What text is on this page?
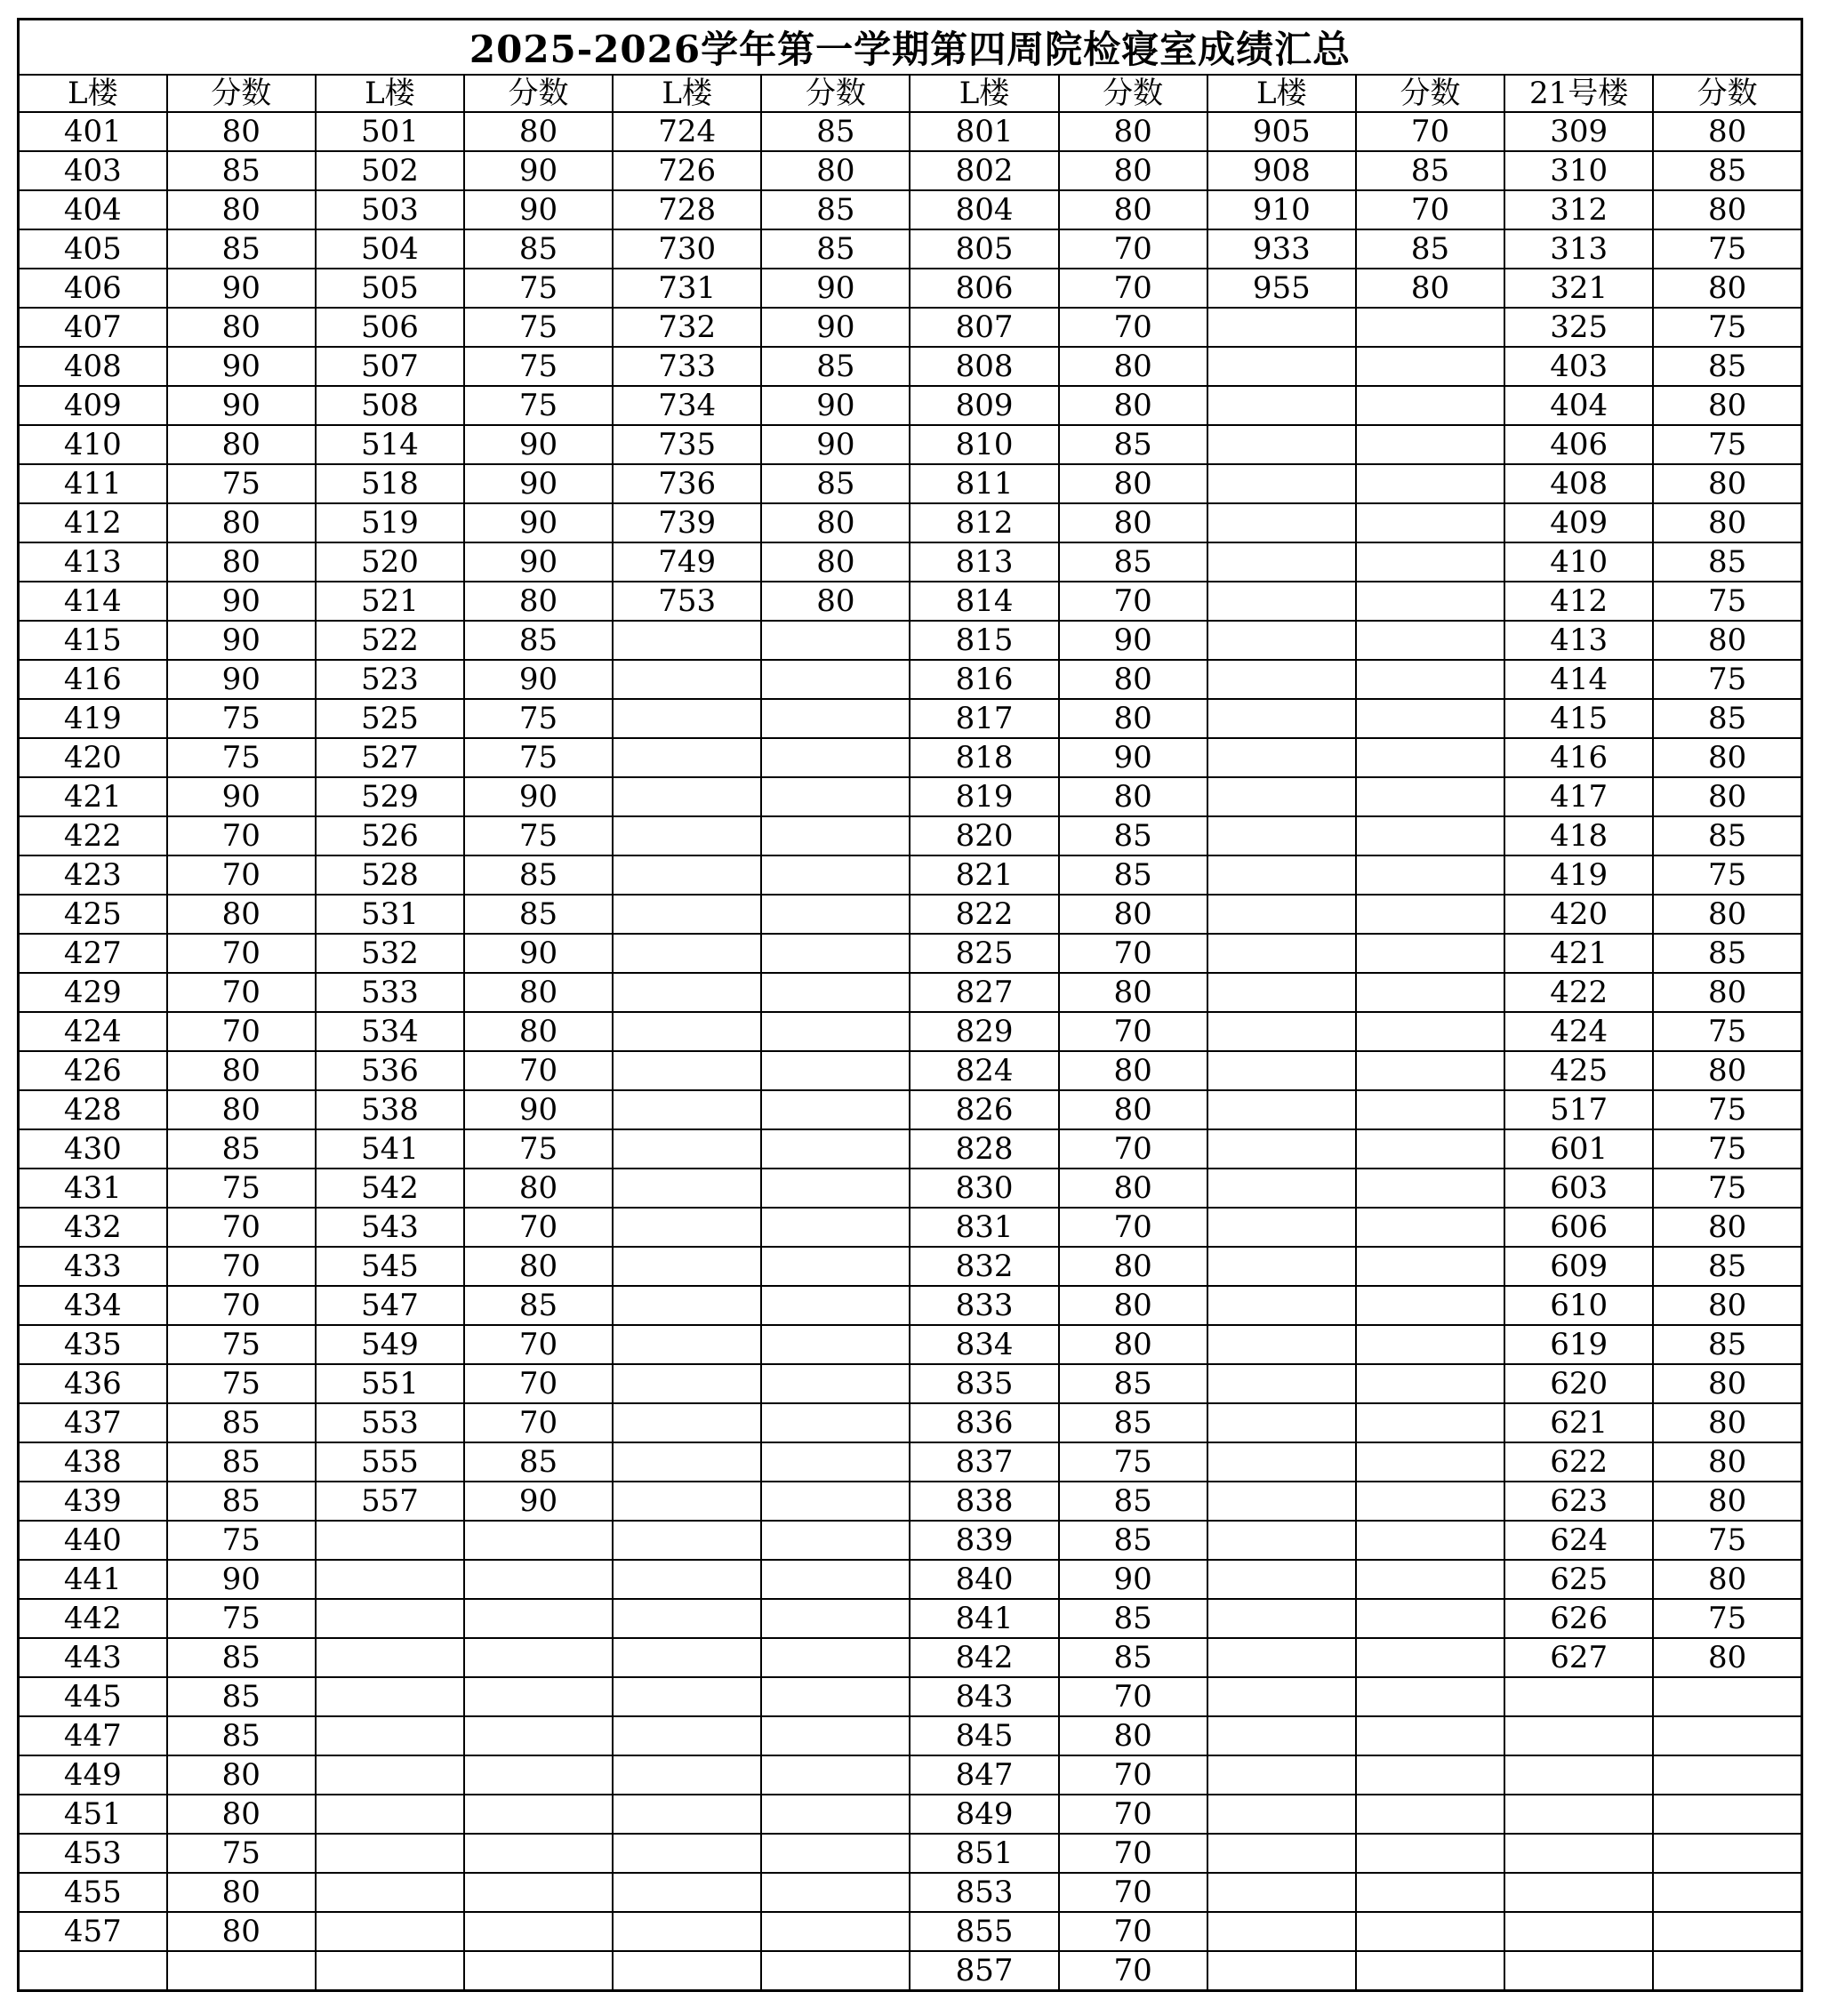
2025-2026学年第一学期第四周院检寝室成绩汇总											
L楼	分数	L楼	分数	L楼	分数	L楼	分数	L楼	分数	21号楼	分数
401	80	501	80	724	85	801	80	905	70	309	80
403	85	502	90	726	80	802	80	908	85	310	85
404	80	503	90	728	85	804	80	910	70	312	80
405	85	504	85	730	85	805	70	933	85	313	75
406	90	505	75	731	90	806	70	955	80	321	80
407	80	506	75	732	90	807	70			325	75
408	90	507	75	733	85	808	80			403	85
409	90	508	75	734	90	809	80			404	80
410	80	514	90	735	90	810	85			406	75
411	75	518	90	736	85	811	80			408	80
412	80	519	90	739	80	812	80			409	80
413	80	520	90	749	80	813	85			410	85
414	90	521	80	753	80	814	70			412	75
415	90	522	85			815	90			413	80
416	90	523	90			816	80			414	75
419	75	525	75			817	80			415	85
420	75	527	75			818	90			416	80
421	90	529	90			819	80			417	80
422	70	526	75			820	85			418	85
423	70	528	85			821	85			419	75
425	80	531	85			822	80			420	80
427	70	532	90			825	70			421	85
429	70	533	80			827	80			422	80
424	70	534	80			829	70			424	75
426	80	536	70			824	80			425	80
428	80	538	90			826	80			517	75
430	85	541	75			828	70			601	75
431	75	542	80			830	80			603	75
432	70	543	70			831	70			606	80
433	70	545	80			832	80			609	85
434	70	547	85			833	80			610	80
435	75	549	70			834	80			619	85
436	75	551	70			835	85			620	80
437	85	553	70			836	85			621	80
438	85	555	85			837	75			622	80
439	85	557	90			838	85			623	80
440	75					839	85			624	75
441	90					840	90			625	80
442	75					841	85			626	75
443	85					842	85			627	80
445	85					843	70				
447	85					845	80				
449	80					847	70				
451	80					849	70				
453	75					851	70				
455	80					853	70				
457	80					855	70				
						857	70				
